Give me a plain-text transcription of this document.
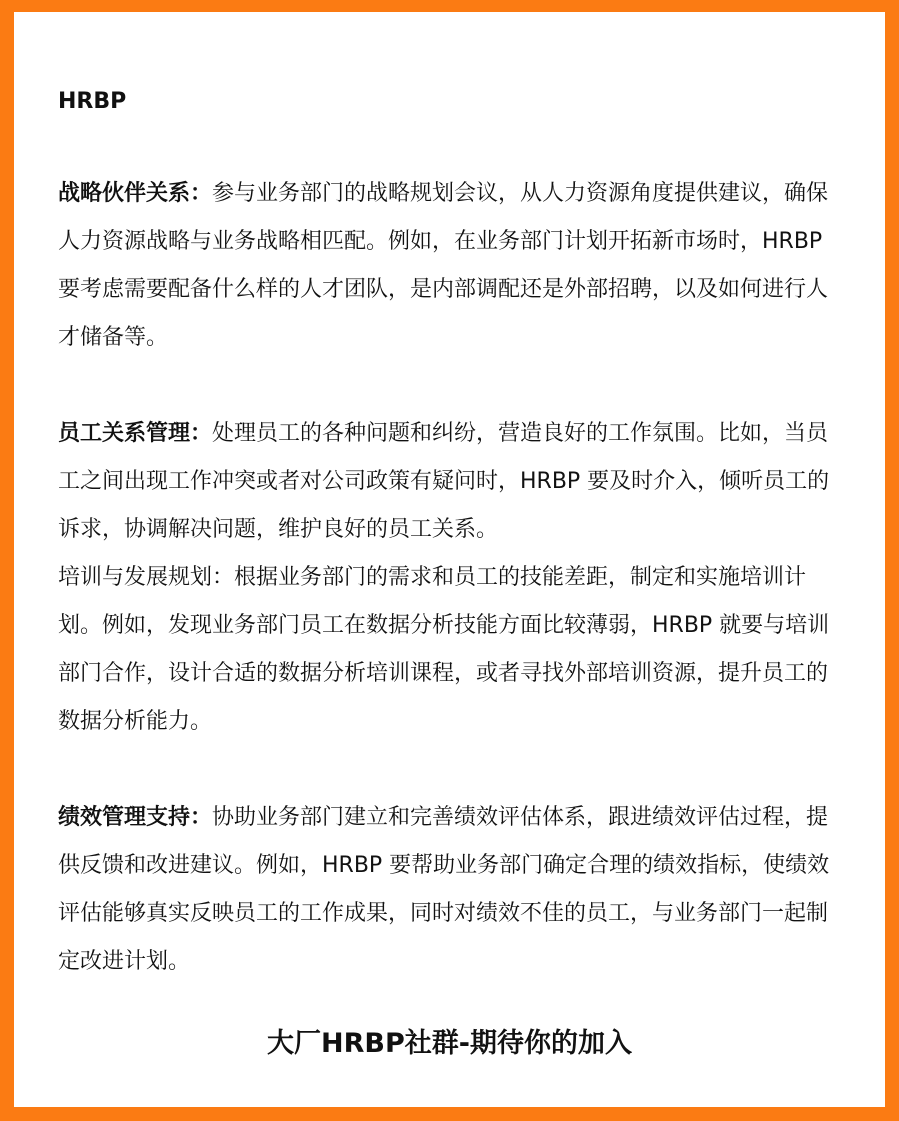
HRBP

战略伙伴关系：参与业务部门的战略规划会议，从人力资源角度提供建议，确保人力资源战略与业务战略相匹配。例如，在业务部门计划开拓新市场时，HRBP 要考虑需要配备什么样的人才团队，是内部调配还是外部招聘，以及如何进行人才储备等。

员工关系管理：处理员工的各种问题和纠纷，营造良好的工作氛围。比如，当员工之间出现工作冲突或者对公司政策有疑问时，HRBP 要及时介入，倾听员工的诉求，协调解决问题，维护良好的员工关系。

培训与发展规划：根据业务部门的需求和员工的技能差距，制定和实施培训计划。例如，发现业务部门员工在数据分析技能方面比较薄弱，HRBP 就要与培训部门合作，设计合适的数据分析培训课程，或者寻找外部培训资源，提升员工的数据分析能力。

绩效管理支持：协助业务部门建立和完善绩效评估体系，跟进绩效评估过程，提供反馈和改进建议。例如，HRBP 要帮助业务部门确定合理的绩效指标，使绩效评估能够真实反映员工的工作成果，同时对绩效不佳的员工，与业务部门一起制定改进计划。

大厂HRBP社群-期待你的加入
